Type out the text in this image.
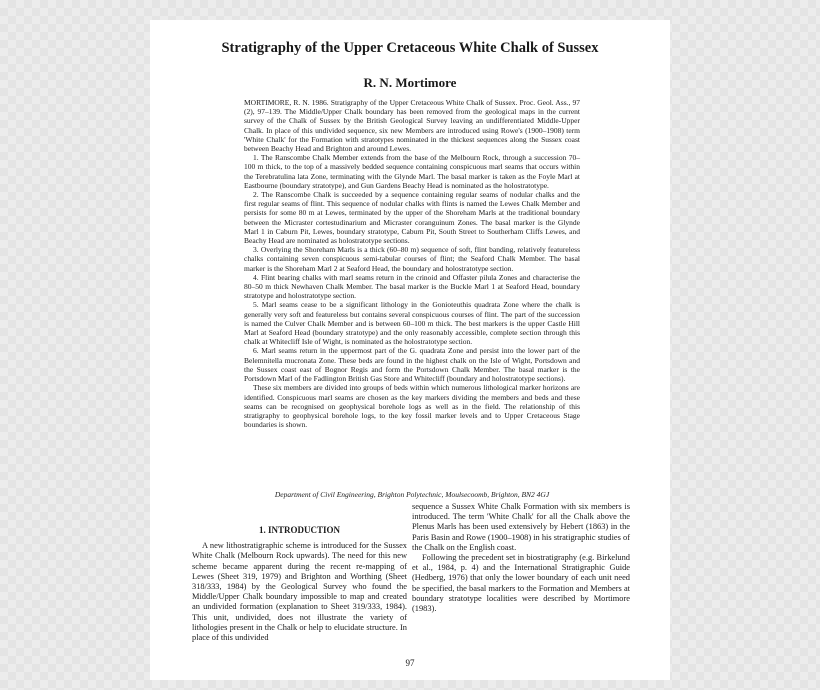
Stratigraphy of the Upper Cretaceous White Chalk of Sussex
R. N. Mortimore

MORTIMORE, R. N. 1986. Stratigraphy of the Upper Cretaceous White Chalk of Sussex. Proc. Geol. Ass., 97 (2), 97–139. The Middle/Upper Chalk boundary has been removed from the geological maps in the current survey of the Chalk of Sussex by the British Geological Survey leaving an undifferentiated Middle-Upper Chalk. In place of this undivided sequence, six new Members are introduced using Rowe's (1900–1908) term 'White Chalk' for the Formation with stratotypes nominated in the thickest sequences along the Sussex coast between Beachy Head and Brighton and around Lewes.

1. The Ranscombe Chalk Member extends from the base of the Melbourn Rock, through a succession 70–100 m thick, to the top of a massively bedded sequence containing conspicuous marl seams that occurs within the Terebratulina lata Zone, terminating with the Glynde Marl. The basal marker is taken as the Foyle Marl at Eastbourne (boundary stratotype), and Gun Gardens Beachy Head is nominated as the holostratotype.

2. The Ranscombe Chalk is succeeded by a sequence containing regular seams of nodular chalks and the first regular seams of flint. This sequence of nodular chalks with flints is named the Lewes Chalk Member and persists for some 80 m at Lewes, terminated by the upper of the Shoreham Marls at the traditional boundary between the Micraster cortestudinarium and Micraster coranguinum Zones. The basal marker is the Glynde Marl 1 in Caburn Pit, Lewes, boundary stratotype, Caburn Pit, South Street to Southerham Cliffs Lewes, and Beachy Head are nominated as holostratotype sections.

3. Overlying the Shoreham Marls is a thick (60–80 m) sequence of soft, flint banding, relatively featureless chalks containing seven conspicuous semi-tabular courses of flint; the Seaford Chalk Member. The basal marker is the Shoreham Marl 2 at Seaford Head, the boundary and holostratotype section.

4. Flint bearing chalks with marl seams return in the crinoid and Offaster pilula Zones and characterise the 80–50 m thick Newhaven Chalk Member. The basal marker is the Buckle Marl 1 at Seaford Head, boundary stratotype and holostratotype section.

5. Marl seams cease to be a significant lithology in the Gonioteuthis quadrata Zone where the chalk is generally very soft and featureless but contains several conspicuous courses of flint. The part of the succession is named the Culver Chalk Member and is between 60–100 m thick. The best markers is the upper Castle Hill Marl at Seaford Head (boundary stratotype) and the only reasonably accessible, complete section through this chalk at Whitecliff Isle of Wight, is nominated as the holostratotype section.

6. Marl seams return in the uppermost part of the G. quadrata Zone and persist into the lower part of the Belemnitella mucronata Zone. These beds are found in the highest chalk on the Isle of Wight, Portsdown and the Sussex coast east of Bognor Regis and form the Portsdown Chalk Member. The basal marker is the Portsdown Marl of the Fadlington British Gas Store and Whitecliff (boundary and holostratotype sections).

These six members are divided into groups of beds within which numerous lithological marker horizons are identified. Conspicuous marl seams are chosen as the key markers dividing the members and beds and these seams can be recognised on geophysical borehole logs as well as in the field. The relationship of this stratigraphy to geophysical borehole logs, to the key fossil marker levels and to Upper Cretaceous Stage boundaries is shown.

Department of Civil Engineering, Brighton Polytechnic, Moulsecoomb, Brighton, BN2 4GJ
1. INTRODUCTION

A new lithostratigraphic scheme is introduced for the Sussex White Chalk (Melbourn Rock upwards). The need for this new scheme became apparent during the recent re-mapping of Lewes (Sheet 319, 1979) and Brighton and Worthing (Sheet 318/333, 1984) by the Geological Survey who found the Middle/Upper Chalk boundary impossible to map and created an undivided formation (explanation to Sheet 319/333, 1984). This unit, undivided, does not illustrate the variety of lithologies present in the Chalk or help to elucidate structure. In place of this undivided

sequence a Sussex White Chalk Formation with six members is introduced. The term 'White Chalk' for all the Chalk above the Plenus Marls has been used extensively by Hebert (1863) in the Paris Basin and Rowe (1900–1908) in his stratigraphic studies of the Chalk on the English coast.

Following the precedent set in biostratigraphy (e.g. Birkelund et al., 1984, p. 4) and the International Stratigraphic Guide (Hedberg, 1976) that only the lower boundary of each unit need be specified, the basal markers to the Formation and Members at boundary stratotype localities were described by Mortimore (1983).

97
